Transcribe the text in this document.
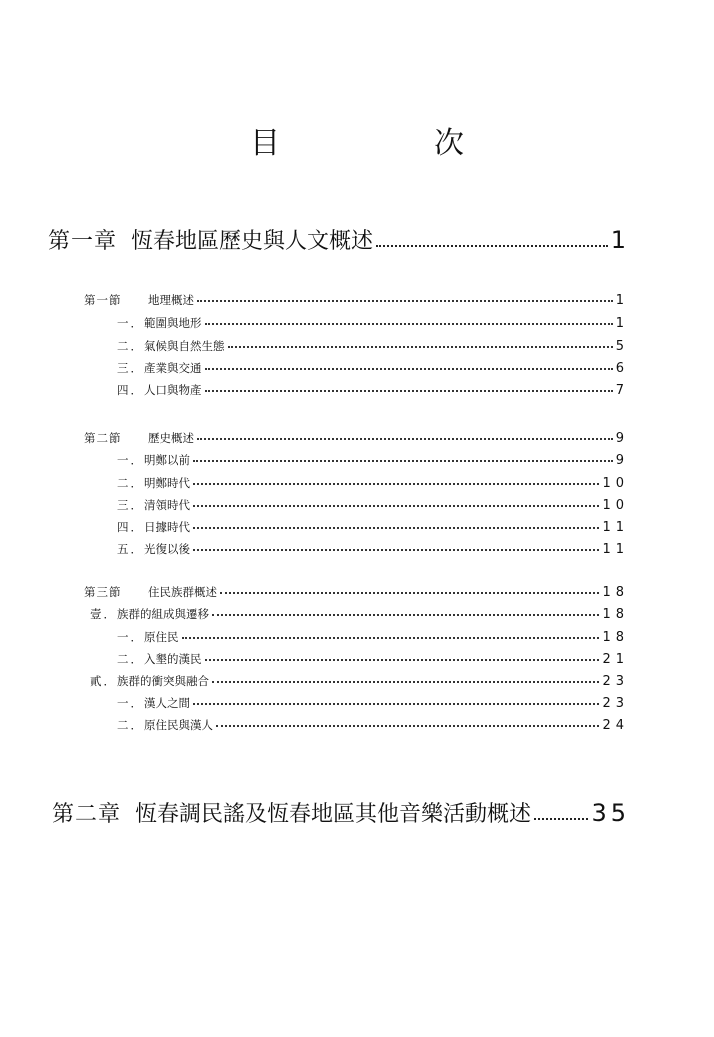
目　次
第一章 恆春地區歷史與人文概述	1
第一節	地理概述	1
一． 範圍與地形	1
二． 氣候與自然生態	5
三． 產業與交通	6
四． 人口與物產	7
第二節	歷史概述	9
一． 明鄭以前	9
二． 明鄭時代	10
三． 清領時代	10
四． 日據時代	11
五． 光復以後	11
第三節	住民族群概述	18
壹． 族群的組成與遷移	18
一． 原住民	18
二． 入墾的漢民	21
貳． 族群的衝突與融合	23
一． 漢人之間	23
二． 原住民與漢人	24
第二章 恆春調民謠及恆春地區其他音樂活動概述	35
